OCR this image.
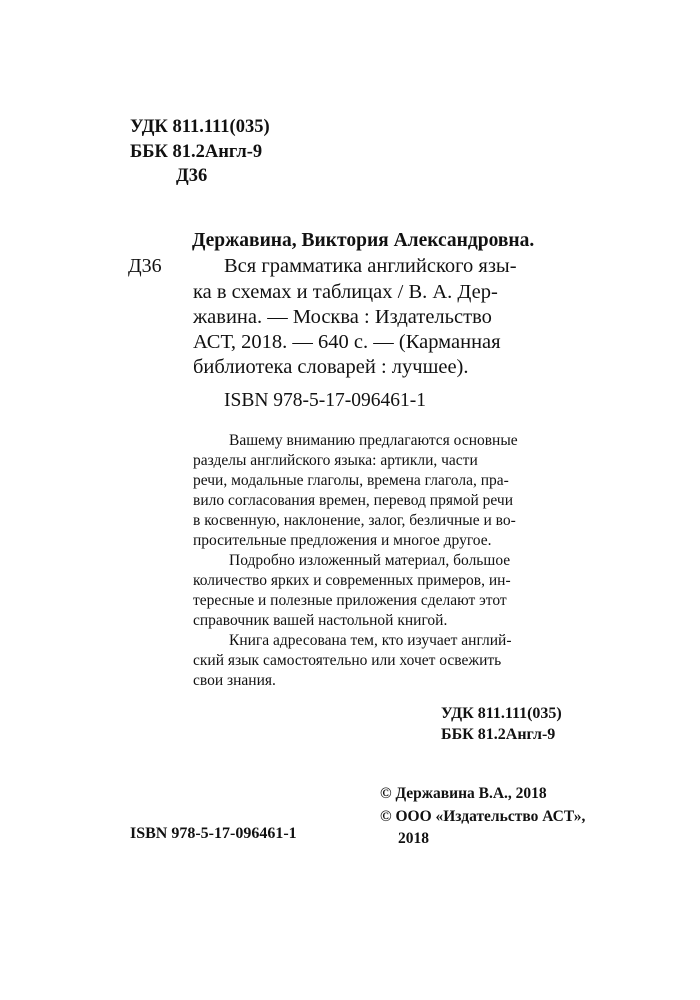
УДК 811.111(035)
ББК 81.2Англ-9
Д36
Державина, Виктория Александровна.
Д36	Вся грамматика английского язы-
ка в схемах и таблицах / В. А. Дер-
жавина. — Москва : Издательство
АСТ, 2018. — 640 с. — (Карманная
библиотека словарей : лучшее).
ISBN 978-5-17-096461-1
Вашему вниманию предлагаются основные
разделы английского языка: артикли, части
речи, модальные глаголы, времена глагола, пра-
вило согласования времен, перевод прямой речи
в косвенную, наклонение, залог, безличные и во-
просительные предложения и многое другое.
Подробно изложенный материал, большое
количество ярких и современных примеров, ин-
тересные и полезные приложения сделают этот
справочник вашей настольной книгой.
Книга адресована тем, кто изучает англий-
ский язык самостоятельно или хочет освежить
свои знания.
УДК 811.111(035)
ББК 81.2Англ-9
© Державина В.А., 2018
© ООО «Издательство АСТ»,
2018
ISBN 978-5-17-096461-1
